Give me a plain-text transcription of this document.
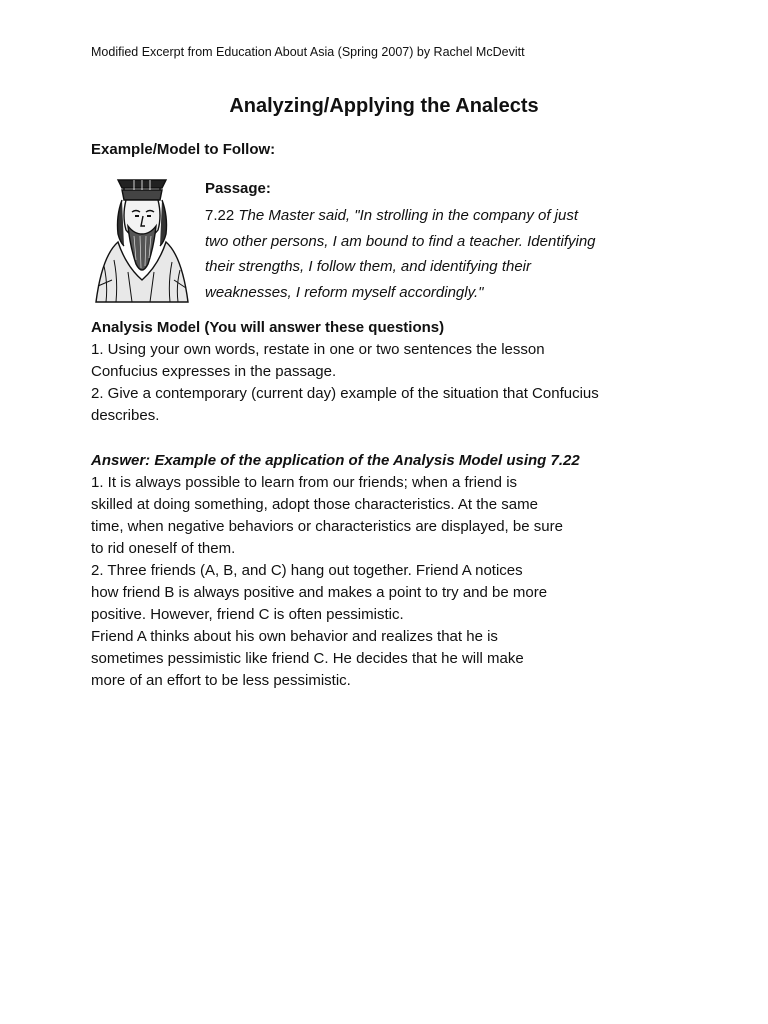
Modified Excerpt from Education About Asia (Spring 2007) by Rachel McDevitt
Analyzing/Applying the Analects
Example/Model to Follow:

Passage:

7.22 The Master said, "In strolling in the company of just
two other persons, I am bound to find a teacher. Identifying
their strengths, I follow them, and identifying their
weaknesses, I reform myself accordingly."
Analysis Model (You will answer these questions)
1. Using your own words, restate in one or two sentences the lesson
Confucius expresses in the passage.
2. Give a contemporary (current day) example of the situation that Confucius
describes.
Answer: Example of the application of the Analysis Model using 7.22
1. It is always possible to learn from our friends; when a friend is
skilled at doing something, adopt those characteristics. At the same
time, when negative behaviors or characteristics are displayed, be sure
to rid oneself of them.
2. Three friends (A, B, and C) hang out together. Friend A notices
how friend B is always positive and makes a point to try and be more
positive. However, friend C is often pessimistic.
Friend A thinks about his own behavior and realizes that he is
sometimes pessimistic like friend C. He decides that he will make
more of an effort to be less pessimistic.
